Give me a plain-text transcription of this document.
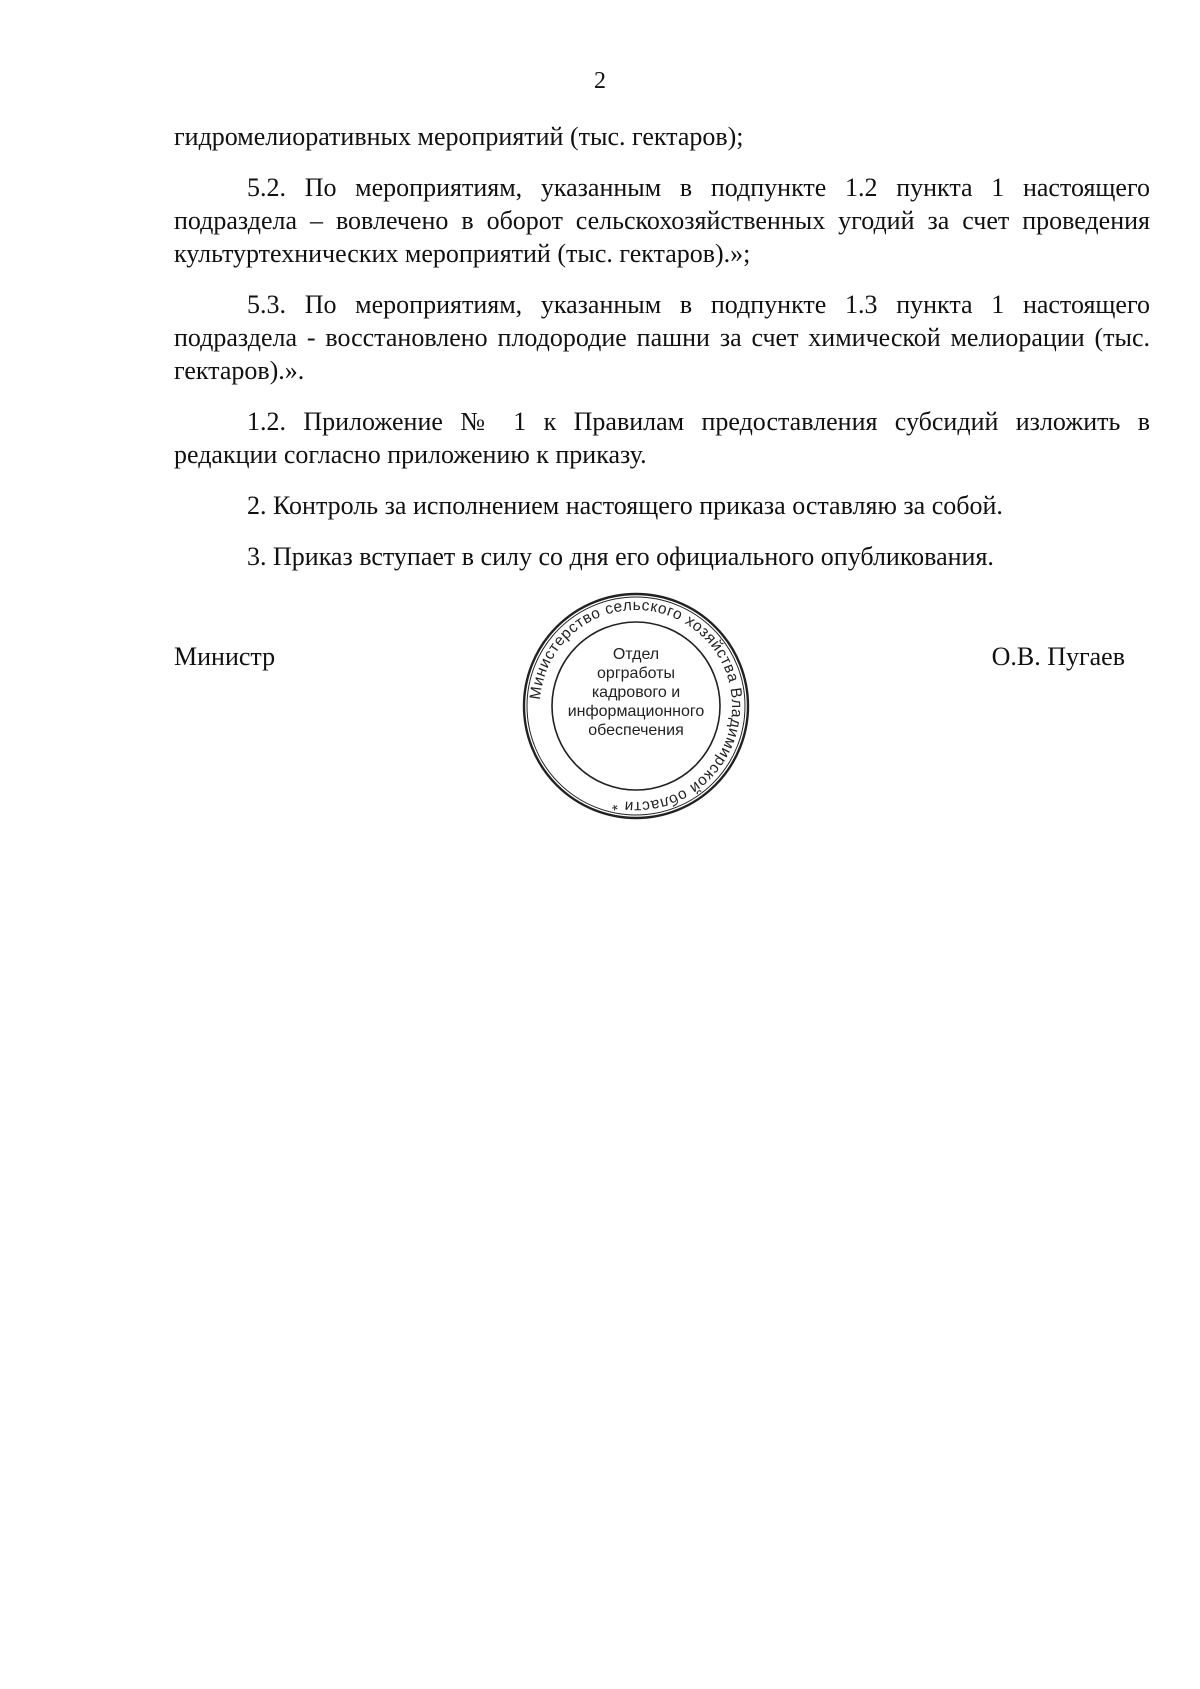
2

гидромелиоративных мероприятий (тыс. гектаров);

5.2. По мероприятиям, указанным в подпункте 1.2 пункта 1 настоящего подраздела – вовлечено в оборот сельскохозяйственных угодий за счет проведения культуртехнических мероприятий (тыс. гектаров).»;

5.3. По мероприятиям, указанным в подпункте 1.3 пункта 1 настоящего подраздела - восстановлено плодородие пашни за счет химической мелиорации (тыс. гектаров).».

1.2. Приложение № 1 к Правилам предоставления субсидий изложить в редакции согласно приложению к приказу.

2. Контроль за исполнением настоящего приказа оставляю за собой.

3. Приказ вступает в силу со дня его официального опубликования.

Министр	О.В. Пугаев
Министерство сельского хозяйства Владимирской области *
Отдел
оргработы
кадрового и
информационного
обеспечения
